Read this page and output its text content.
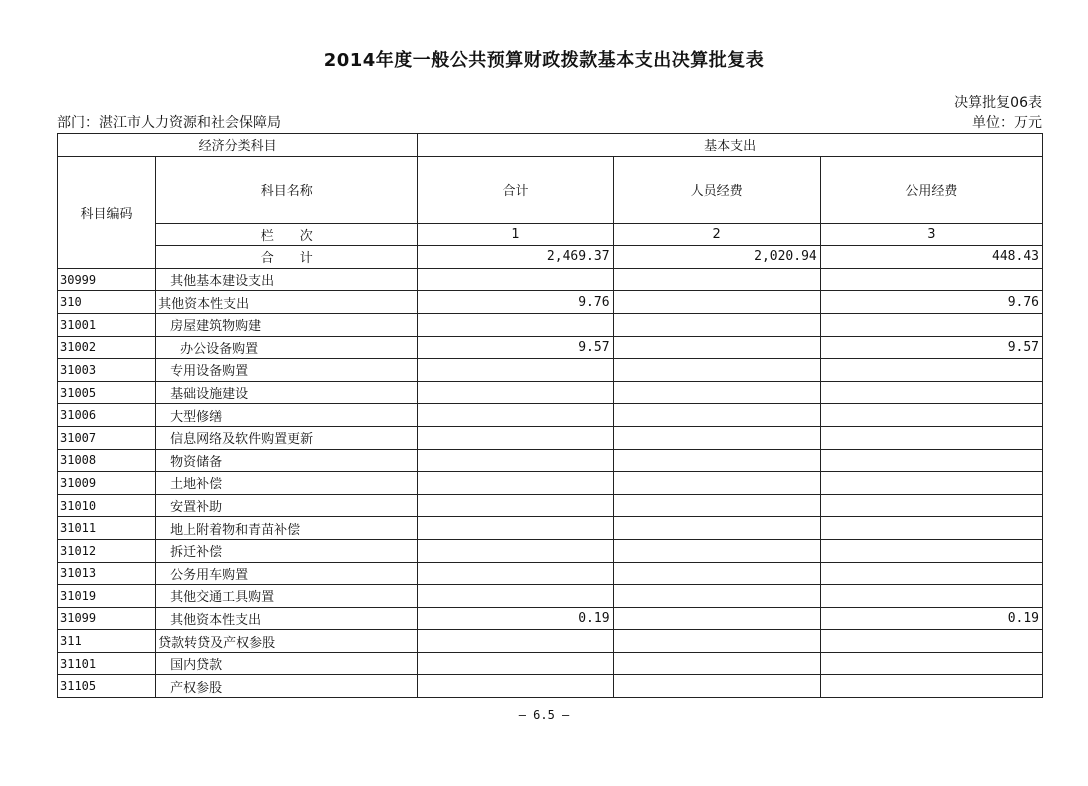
2014年度一般公共预算财政拨款基本支出决算批复表
决算批复06表
部门：湛江市人力资源和社会保障局	单位：万元
经济分类科目		基本支出		
科目编码	科目名称	合计	人员经费	公用经费
	栏　　次	1	2	3
	合　　计	2,469.37	2,020.94	448.43
30999	其他基本建设支出			
310	其他资本性支出	9.76		9.76
31001	房屋建筑物购建			
31002	办公设备购置	9.57		9.57
31003	专用设备购置			
31005	基础设施建设			
31006	大型修缮			
31007	信息网络及软件购置更新			
31008	物资储备			
31009	土地补偿			
31010	安置补助			
31011	地上附着物和青苗补偿			
31012	拆迁补偿			
31013	公务用车购置			
31019	其他交通工具购置			
31099	其他资本性支出	0.19		0.19
311	贷款转贷及产权参股			
31101	国内贷款			
31105	产权参股			
— 6.5 —
